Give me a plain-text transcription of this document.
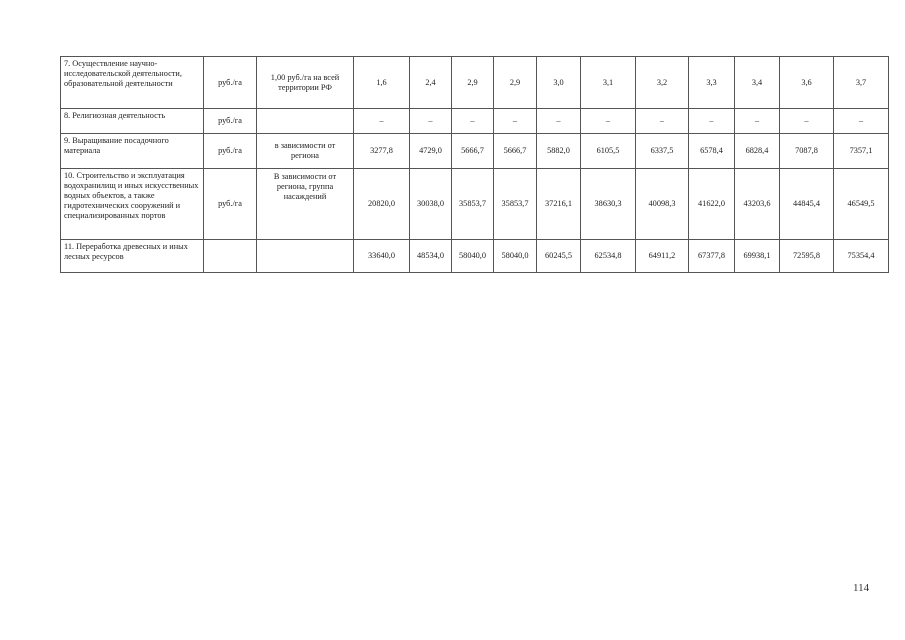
7. Осуществление научно-исследовательской деятельности, образовательной деятельности	руб./га	1,00 руб./га на всей территории РФ	1,6	2,4	2,9	2,9	3,0	3,1	3,2	3,3	3,4	3,6	3,7
8. Религиозная деятельность	руб./га		–	–	–	–	–	–	–	–	–	–	–
9. Выращивание посадочного материала	руб./га	в зависимости от региона	3277,8	4729,0	5666,7	5666,7	5882,0	6105,5	6337,5	6578,4	6828,4	7087,8	7357,1
10. Строительство и эксплуатация водохранилищ и иных искусственных водных объектов, а также гидротехнических сооружений и специализированных портов	руб./га	В зависимости от региона, группа насаждений	20820,0	30038,0	35853,7	35853,7	37216,1	38630,3	40098,3	41622,0	43203,6	44845,4	46549,5
11. Переработка древесных и иных лесных ресурсов			33640,0	48534,0	58040,0	58040,0	60245,5	62534,8	64911,2	67377,8	69938,1	72595,8	75354,4
114
